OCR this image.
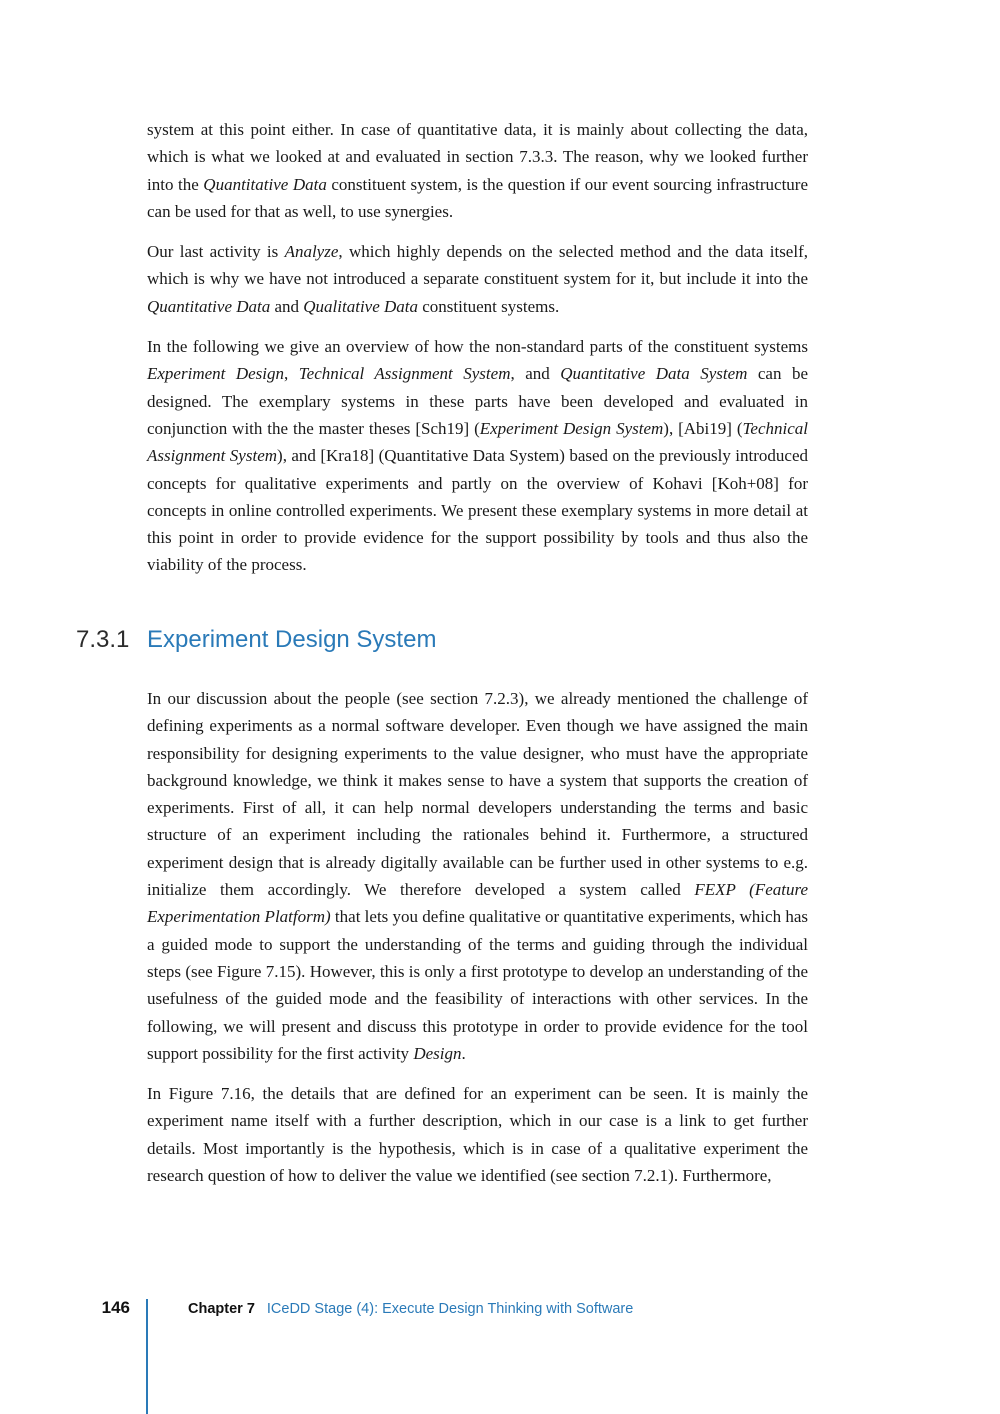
system at this point either. In case of quantitative data, it is mainly about collecting the data, which is what we looked at and evaluated in section 7.3.3. The reason, why we looked further into the Quantitative Data constituent system, is the question if our event sourcing infrastructure can be used for that as well, to use synergies.

Our last activity is Analyze, which highly depends on the selected method and the data itself, which is why we have not introduced a separate constituent system for it, but include it into the Quantitative Data and Qualitative Data constituent systems.

In the following we give an overview of how the non-standard parts of the constituent systems Experiment Design, Technical Assignment System, and Quantitative Data System can be designed. The exemplary systems in these parts have been developed and evaluated in conjunction with the the master theses [Sch19] (Experiment Design System), [Abi19] (Technical Assignment System), and [Kra18] (Quantitative Data System) based on the previously introduced concepts for qualitative experiments and partly on the overview of Kohavi [Koh+08] for concepts in online controlled experiments. We present these exemplary systems in more detail at this point in order to provide evidence for the support possibility by tools and thus also the viability of the process.

7.3.1 Experiment Design System

In our discussion about the people (see section 7.2.3), we already mentioned the challenge of defining experiments as a normal software developer. Even though we have assigned the main responsibility for designing experiments to the value designer, who must have the appropriate background knowledge, we think it makes sense to have a system that supports the creation of experiments. First of all, it can help normal developers understanding the terms and basic structure of an experiment including the rationales behind it. Furthermore, a structured experiment design that is already digitally available can be further used in other systems to e.g. initialize them accordingly. We therefore developed a system called FEXP (Feature Experimentation Platform) that lets you define qualitative or quantitative experiments, which has a guided mode to support the understanding of the terms and guiding through the individual steps (see Figure 7.15). However, this is only a first prototype to develop an understanding of the usefulness of the guided mode and the feasibility of interactions with other services. In the following, we will present and discuss this prototype in order to provide evidence for the tool support possibility for the first activity Design.

In Figure 7.16, the details that are defined for an experiment can be seen. It is mainly the experiment name itself with a further description, which in our case is a link to get further details. Most importantly is the hypothesis, which is in case of a qualitative experiment the research question of how to deliver the value we identified (see section 7.2.1). Furthermore,

146	Chapter 7 ICeDD Stage (4): Execute Design Thinking with Software
